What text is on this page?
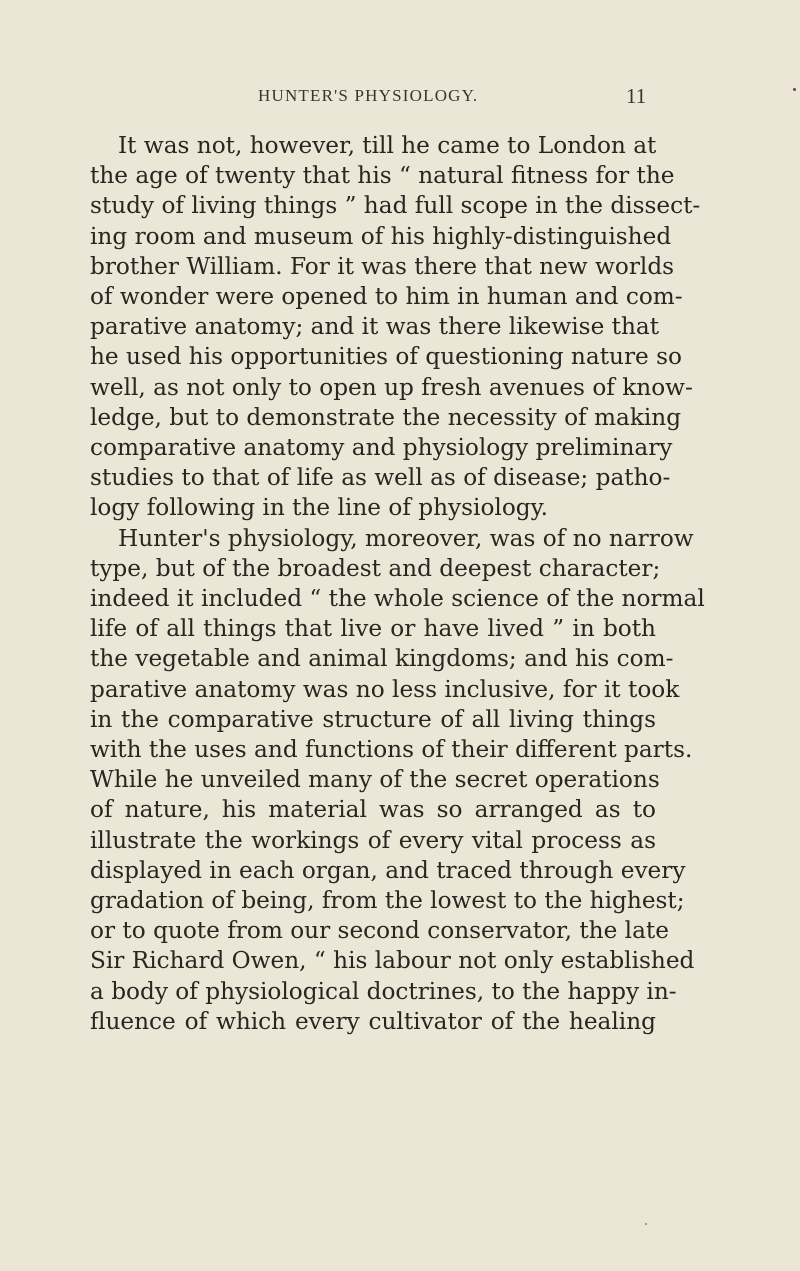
HUNTER'S PHYSIOLOGY.	11
It was not, however, till he came to London at
the age of twenty that his “ natural fitness for the
study of living things ” had full scope in the dissect-
ing room and museum of his highly-distinguished
brother William. For it was there that new worlds
of wonder were opened to him in human and com-
parative anatomy; and it was there likewise that
he used his opportunities of questioning nature so
well, as not only to open up fresh avenues of know-
ledge, but to demonstrate the necessity of making
comparative anatomy and physiology preliminary
studies to that of life as well as of disease; patho-
logy following in the line of physiology.
Hunter's physiology, moreover, was of no narrow
type, but of the broadest and deepest character;
indeed it included “ the whole science of the normal
life of all things that live or have lived ” in both
the vegetable and animal kingdoms; and his com-
parative anatomy was no less inclusive, for it took
in the comparative structure of all living things
with the uses and functions of their different parts.
While he unveiled many of the secret operations
of nature, his material was so arranged as to
illustrate the workings of every vital process as
displayed in each organ, and traced through every
gradation of being, from the lowest to the highest;
or to quote from our second conservator, the late
Sir Richard Owen, “ his labour not only established
a body of physiological doctrines, to the happy in-
fluence of which every cultivator of the healing
